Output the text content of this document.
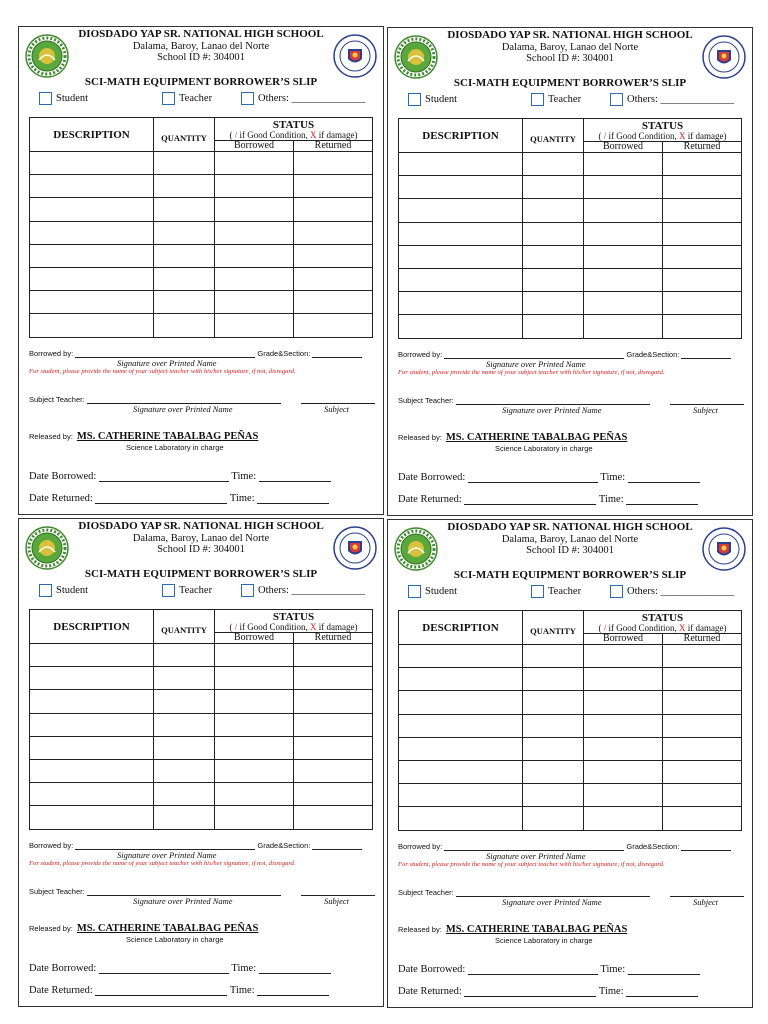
DIOSDADO YAP SR. NATIONAL HIGH SCHOOL
Dalama, Baroy, Lanao del Norte
School ID #: 304001
SCI-MATH EQUIPMENT BORROWER’S SLIP
Student	Teacher	Others: ______________
DESCRIPTION	QUANTITY	STATUS
( / if Good Condition, X if damage)	

		Borrowed	Returned

Borrowed by:	Grade&Section:
Signature over Printed Name
For student, please provide the name of your subject teacher with his/her signature, if not, disregard.
Subject Teacher:
Signature over Printed Name	Subject
Released by: MS. CATHERINE TABALBAG PEÑAS
Science Laboratory in charge
Date Borrowed:	Time:
Date Returned:	Time:
DIOSDADO YAP SR. NATIONAL HIGH SCHOOL
Dalama, Baroy, Lanao del Norte
School ID #: 304001
SCI-MATH EQUIPMENT BORROWER’S SLIP
Student	Teacher	Others: ______________
DESCRIPTION	QUANTITY	STATUS
( / if Good Condition, X if damage)	

		Borrowed	Returned

Borrowed by:	Grade&Section:
Signature over Printed Name
For student, please provide the name of your subject teacher with his/her signature, if not, disregard.
Subject Teacher:
Signature over Printed Name	Subject
Released by: MS. CATHERINE TABALBAG PEÑAS
Science Laboratory in charge
Date Borrowed:	Time:
Date Returned:	Time:
DIOSDADO YAP SR. NATIONAL HIGH SCHOOL
Dalama, Baroy, Lanao del Norte
School ID #: 304001
SCI-MATH EQUIPMENT BORROWER’S SLIP
Student	Teacher	Others: ______________
DESCRIPTION	QUANTITY	STATUS
( / if Good Condition, X if damage)	

		Borrowed	Returned

Borrowed by:	Grade&Section:
Signature over Printed Name
For student, please provide the name of your subject teacher with his/her signature, if not, disregard.
Subject Teacher:
Signature over Printed Name	Subject
Released by: MS. CATHERINE TABALBAG PEÑAS
Science Laboratory in charge
Date Borrowed:	Time:
Date Returned:	Time:
DIOSDADO YAP SR. NATIONAL HIGH SCHOOL
Dalama, Baroy, Lanao del Norte
School ID #: 304001
SCI-MATH EQUIPMENT BORROWER’S SLIP
Student	Teacher	Others: ______________
DESCRIPTION	QUANTITY	STATUS
( / if Good Condition, X if damage)	

		Borrowed	Returned

Borrowed by:	Grade&Section:
Signature over Printed Name
For student, please provide the name of your subject teacher with his/her signature, if not, disregard.
Subject Teacher:
Signature over Printed Name	Subject
Released by: MS. CATHERINE TABALBAG PEÑAS
Science Laboratory in charge
Date Borrowed:	Time:
Date Returned:	Time:
